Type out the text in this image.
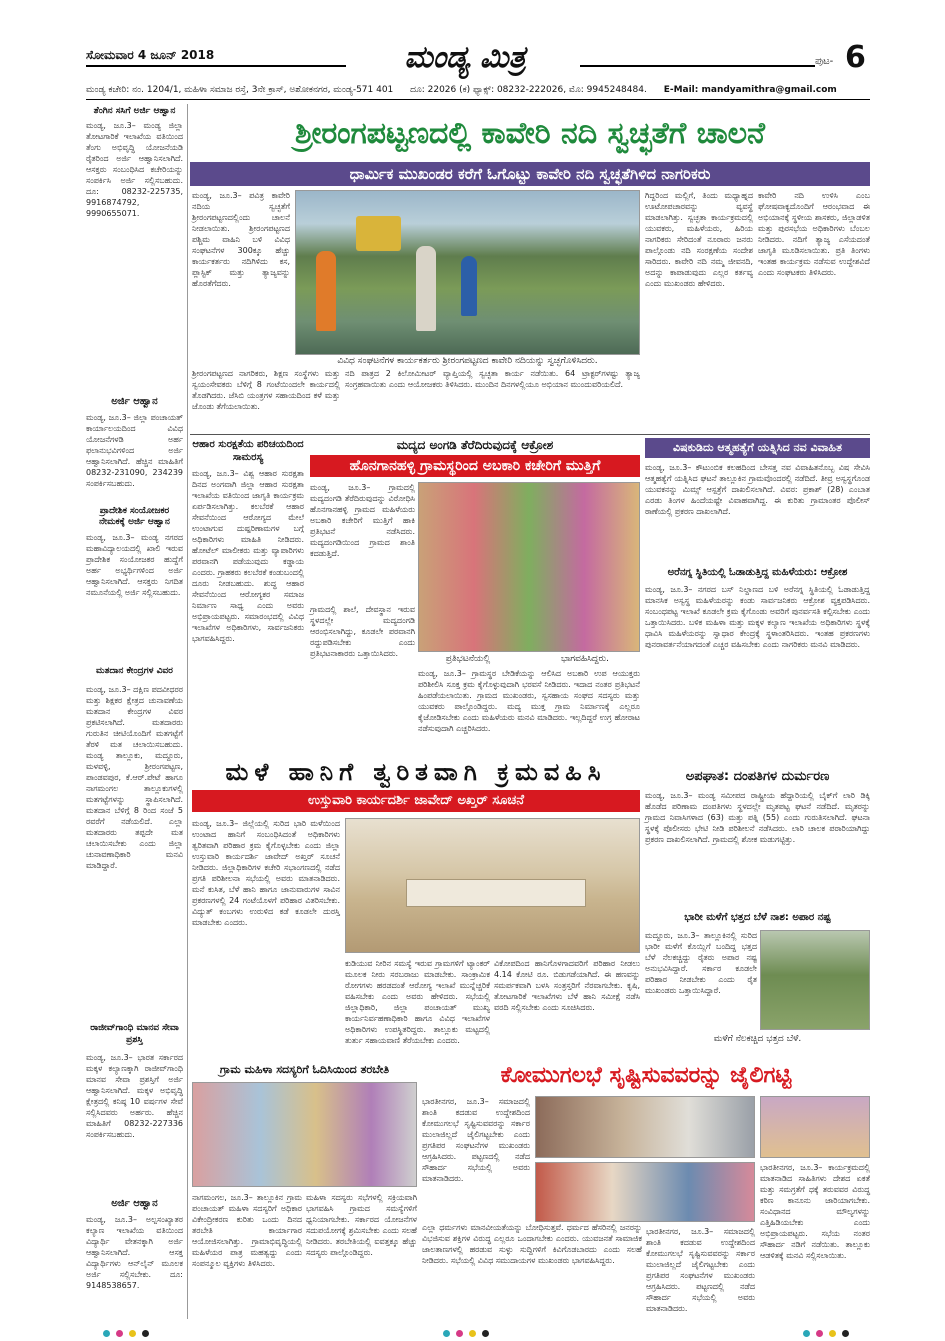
ಸೋಮವಾರ 4 ಜೂನ್ 2018	ಮಂಡ್ಯ ಮಿತ್ರ	ಪುಟ- 6
ಮಂಡ್ಯ ಕಚೇರಿ: ನಂ. 1204/1, ಮಹಿಳಾ ಸಮಾಜ ರಸ್ತೆ, 3ನೇ ಕ್ರಾಸ್, ಅಶೋಕನಗರ, ಮಂಡ್ಯ-571 401 ದೂ: 22026 (ಕ) ಫ್ಯಾಕ್ಸ್: 08232-222026, ಮೊ: 9945248484. E-Mail: mandyamithra@gmail.com
ತೆಂಗಿನ ಸಸಿಗೆ ಅರ್ಜಿ ಆಹ್ವಾನ
ಮಂಡ್ಯ, ಜೂ.3– ಮಂಡ್ಯ ಜಿಲ್ಲಾ ತೋಟಗಾರಿಕೆ ಇಲಾಖೆಯ ವತಿಯಿಂದ ತೆಂಗು ಅಭಿವೃದ್ಧಿ ಯೋಜನೆಯಡಿ ರೈತರಿಂದ ಅರ್ಜಿ ಆಹ್ವಾನಿಸಲಾಗಿದೆ. ಆಸಕ್ತರು ಸಂಬಂಧಿಸಿದ ಕಚೇರಿಯನ್ನು ಸಂಪರ್ಕಿಸಿ ಅರ್ಜಿ ಸಲ್ಲಿಸಬಹುದು. ದೂ: 08232-225735, 9916874792, 9990655071.
ಅರ್ಜಿ ಆಹ್ವಾನ
ಮಂಡ್ಯ, ಜೂ.3– ಜಿಲ್ಲಾ ಪಂಚಾಯತ್ ಕಾರ್ಯಾಲಯದಿಂದ ವಿವಿಧ ಯೋಜನೆಗಳಡಿ ಅರ್ಹ ಫಲಾನುಭವಿಗಳಿಂದ ಅರ್ಜಿ ಆಹ್ವಾನಿಸಲಾಗಿದೆ. ಹೆಚ್ಚಿನ ಮಾಹಿತಿಗೆ 08232-231090, 234239 ಸಂಪರ್ಕಿಸಬಹುದು.
ಪ್ರಾದೇಶಿಕ ಸಂಯೋಜಕರ ನೇಮಕಕ್ಕೆ ಅರ್ಜಿ ಆಹ್ವಾನ
ಮಂಡ್ಯ, ಜೂ.3– ಮಂಡ್ಯ ನಗರದ ಮಹಾವಿದ್ಯಾಲಯದಲ್ಲಿ ಖಾಲಿ ಇರುವ ಪ್ರಾದೇಶಿಕ ಸಂಯೋಜಕರ ಹುದ್ದೆಗೆ ಅರ್ಹ ಅಭ್ಯರ್ಥಿಗಳಿಂದ ಅರ್ಜಿ ಆಹ್ವಾನಿಸಲಾಗಿದೆ. ಆಸಕ್ತರು ನಿಗದಿತ ನಮೂನೆಯಲ್ಲಿ ಅರ್ಜಿ ಸಲ್ಲಿಸಬಹುದು.
ಮತದಾನ ಕೇಂದ್ರಗಳ ವಿವರ
ಮಂಡ್ಯ, ಜೂ.3– ದಕ್ಷಿಣ ಪದವೀಧರರ ಮತ್ತು ಶಿಕ್ಷಕರ ಕ್ಷೇತ್ರದ ಚುನಾವಣೆಯ ಮತದಾನ ಕೇಂದ್ರಗಳ ವಿವರ ಪ್ರಕಟಿಸಲಾಗಿದೆ. ಮತದಾರರು ಗುರುತಿನ ಚೀಟಿಯೊಂದಿಗೆ ಮತಗಟ್ಟೆಗೆ ತೆರಳಿ ಮತ ಚಲಾಯಿಸಬಹುದು. ಮಂಡ್ಯ ತಾಲ್ಲೂಕು, ಮದ್ದೂರು, ಮಳವಳ್ಳಿ, ಶ್ರೀರಂಗಪಟ್ಟಣ, ಪಾಂಡವಪುರ, ಕೆ.ಆರ್.ಪೇಟೆ ಹಾಗೂ ನಾಗಮಂಗಲ ತಾಲ್ಲೂಕುಗಳಲ್ಲಿ ಮತಗಟ್ಟೆಗಳನ್ನು ಸ್ಥಾಪಿಸಲಾಗಿದೆ. ಮತದಾನ ಬೆಳಿಗ್ಗೆ 8 ರಿಂದ ಸಂಜೆ 5 ರವರೆಗೆ ನಡೆಯಲಿದೆ. ಎಲ್ಲಾ ಮತದಾರರು ತಪ್ಪದೇ ಮತ ಚಲಾಯಿಸಬೇಕು ಎಂದು ಜಿಲ್ಲಾ ಚುನಾವಣಾಧಿಕಾರಿ ಮನವಿ ಮಾಡಿದ್ದಾರೆ.
ರಾಜೀವ್‌ಗಾಂಧಿ ಮಾನವ ಸೇವಾ ಪ್ರಶಸ್ತಿ
ಮಂಡ್ಯ, ಜೂ.3– ಭಾರತ ಸರ್ಕಾರದ ಮಕ್ಕಳ ಕಲ್ಯಾಣಕ್ಕಾಗಿ ರಾಜೀವ್‌ಗಾಂಧಿ ಮಾನವ ಸೇವಾ ಪ್ರಶಸ್ತಿಗೆ ಅರ್ಜಿ ಆಹ್ವಾನಿಸಲಾಗಿದೆ. ಮಕ್ಕಳ ಅಭಿವೃದ್ಧಿ ಕ್ಷೇತ್ರದಲ್ಲಿ ಕನಿಷ್ಠ 10 ವರ್ಷಗಳ ಸೇವೆ ಸಲ್ಲಿಸಿದವರು ಅರ್ಹರು. ಹೆಚ್ಚಿನ ಮಾಹಿತಿಗೆ 08232-227336 ಸಂಪರ್ಕಿಸಬಹುದು.
ಅರ್ಜಿ ಆಹ್ವಾನ
ಮಂಡ್ಯ, ಜೂ.3– ಅಲ್ಪಸಂಖ್ಯಾತರ ಕಲ್ಯಾಣ ಇಲಾಖೆಯ ವತಿಯಿಂದ ವಿದ್ಯಾರ್ಥಿ ವೇತನಕ್ಕಾಗಿ ಅರ್ಜಿ ಆಹ್ವಾನಿಸಲಾಗಿದೆ. ಆಸಕ್ತ ವಿದ್ಯಾರ್ಥಿಗಳು ಆನ್‌ಲೈನ್ ಮೂಲಕ ಅರ್ಜಿ ಸಲ್ಲಿಸಬೇಕು. ದೂ: 9148538657.
ಶ್ರೀರಂಗಪಟ್ಟಣದಲ್ಲಿ ಕಾವೇರಿ ನದಿ ಸ್ವಚ್ಛತೆಗೆ ಚಾಲನೆ
ಧಾರ್ಮಿಕ ಮುಖಂಡರ ಕರೆಗೆ ಓಗೊಟ್ಟು ಕಾವೇರಿ ನದಿ ಸ್ವಚ್ಛತೆಗಿಳಿದ ನಾಗರಿಕರು
ವಿವಿಧ ಸಂಘಟನೆಗಳ ಕಾರ್ಯಕರ್ತರು ಶ್ರೀರಂಗಪಟ್ಟಣದ ಕಾವೇರಿ ನದಿಯನ್ನು ಸ್ವಚ್ಛಗೊಳಿಸಿದರು.
ಮಂಡ್ಯ, ಜೂ.3– ಪವಿತ್ರ ಕಾವೇರಿ ನದಿಯ ಸ್ವಚ್ಛತೆಗೆ ಶ್ರೀರಂಗಪಟ್ಟಣದಲ್ಲಿಂದು ಚಾಲನೆ ನೀಡಲಾಯಿತು. ಶ್ರೀರಂಗಪಟ್ಟಣದ ಪಶ್ಚಿಮ ವಾಹಿನಿ ಬಳಿ ವಿವಿಧ ಸಂಘಟನೆಗಳ 300ಕ್ಕೂ ಹೆಚ್ಚು ಕಾರ್ಯಕರ್ತರು ನದಿಗಿಳಿದು ಕಸ, ಪ್ಲಾಸ್ಟಿಕ್ ಮತ್ತು ತ್ಯಾಜ್ಯವನ್ನು ಹೊರತೆಗೆದರು.
ಶ್ರೀರಂಗಪಟ್ಟಣದ ನಾಗರಿಕರು, ಶಿಕ್ಷಣ ಸಂಸ್ಥೆಗಳು ಮತ್ತು ಸ್ವಯಂಸೇವಕರು ಬೆಳಿಗ್ಗೆ 8 ಗಂಟೆಯಿಂದಲೇ ಕಾರ್ಯದಲ್ಲಿ ತೊಡಗಿದರು. ಜೆಸಿಬಿ ಯಂತ್ರಗಳ ಸಹಾಯದಿಂದ ಕಳೆ ಮತ್ತು ಜೊಂಡು ತೆಗೆಯಲಾಯಿತು.
ನದಿ ಪಾತ್ರದ 2 ಕಿಲೋಮೀಟರ್ ವ್ಯಾಪ್ತಿಯಲ್ಲಿ ಸ್ವಚ್ಛತಾ ಕಾರ್ಯ ನಡೆಯಿತು. 64 ಟ್ರಾಕ್ಟರ್‌ಗಳಷ್ಟು ತ್ಯಾಜ್ಯ ಸಂಗ್ರಹವಾಯಿತು ಎಂದು ಆಯೋಜಕರು ತಿಳಿಸಿದರು. ಮುಂದಿನ ದಿನಗಳಲ್ಲಿಯೂ ಅಭಿಯಾನ ಮುಂದುವರಿಯಲಿದೆ.
ಗಿದ್ದರಿಂದ ಮಲ್ಲಿಗೆ, ತಿಂದು ಮಧ್ಯಾಹ್ನದ ಊಟೋಪಚಾರವನ್ನು ವ್ಯವಸ್ಥೆ ಮಾಡಲಾಗಿತ್ತು. ಸ್ವಚ್ಛತಾ ಕಾರ್ಯಕ್ರಮದಲ್ಲಿ ಯುವಕರು, ಮಹಿಳೆಯರು, ಹಿರಿಯ ನಾಗರಿಕರು ಸೇರಿದಂತೆ ನೂರಾರು ಜನರು ಪಾಲ್ಗೊಂಡು ನದಿ ಸಂರಕ್ಷಣೆಯ ಸಂದೇಶ ಸಾರಿದರು. ಕಾವೇರಿ ನದಿ ನಮ್ಮ ಜೀವನದಿ, ಅದನ್ನು ಕಾಪಾಡುವುದು ಎಲ್ಲರ ಕರ್ತವ್ಯ ಎಂದು ಮುಖಂಡರು ಹೇಳಿದರು.
ಕಾವೇರಿ ನದಿ ಉಳಿಸಿ ಎಂಬ ಘೋಷವಾಕ್ಯದೊಂದಿಗೆ ಆರಂಭವಾದ ಈ ಅಭಿಯಾನಕ್ಕೆ ಸ್ಥಳೀಯ ಶಾಸಕರು, ಜಿಲ್ಲಾಡಳಿತ ಮತ್ತು ಪುರಸಭೆಯ ಅಧಿಕಾರಿಗಳು ಬೆಂಬಲ ನೀಡಿದರು. ನದಿಗೆ ತ್ಯಾಜ್ಯ ಎಸೆಯದಂತೆ ಜಾಗೃತಿ ಮೂಡಿಸಲಾಯಿತು. ಪ್ರತಿ ತಿಂಗಳು ಇಂತಹ ಕಾರ್ಯಕ್ರಮ ನಡೆಸುವ ಉದ್ದೇಶವಿದೆ ಎಂದು ಸಂಘಟಕರು ತಿಳಿಸಿದರು.
ಆಹಾರ ಸುರಕ್ಷತೆಯ ಪರಿಚಯದಿಂದ ಸಾಮರಸ್ಯ
ಮಂಡ್ಯ, ಜೂ.3– ವಿಶ್ವ ಆಹಾರ ಸುರಕ್ಷತಾ ದಿನದ ಅಂಗವಾಗಿ ಜಿಲ್ಲಾ ಆಹಾರ ಸುರಕ್ಷತಾ ಇಲಾಖೆಯ ವತಿಯಿಂದ ಜಾಗೃತಿ ಕಾರ್ಯಕ್ರಮ ಏರ್ಪಡಿಸಲಾಗಿತ್ತು. ಕಲಬೆರಕೆ ಆಹಾರ ಸೇವನೆಯಿಂದ ಆರೋಗ್ಯದ ಮೇಲೆ ಉಂಟಾಗುವ ದುಷ್ಪರಿಣಾಮಗಳ ಬಗ್ಗೆ ಅಧಿಕಾರಿಗಳು ಮಾಹಿತಿ ನೀಡಿದರು. ಹೋಟೆಲ್ ಮಾಲೀಕರು ಮತ್ತು ವ್ಯಾಪಾರಿಗಳು ಪರವಾನಗಿ ಪಡೆಯುವುದು ಕಡ್ಡಾಯ ಎಂದರು. ಗ್ರಾಹಕರು ಕಲಬೆರಕೆ ಕಂಡುಬಂದಲ್ಲಿ ದೂರು ನೀಡಬಹುದು. ಶುದ್ಧ ಆಹಾರ ಸೇವನೆಯಿಂದ ಆರೋಗ್ಯಕರ ಸಮಾಜ ನಿರ್ಮಾಣ ಸಾಧ್ಯ ಎಂದು ಅವರು ಅಭಿಪ್ರಾಯಪಟ್ಟರು. ಸಮಾರಂಭದಲ್ಲಿ ವಿವಿಧ ಇಲಾಖೆಗಳ ಅಧಿಕಾರಿಗಳು, ಸಾರ್ವಜನಿಕರು ಭಾಗವಹಿಸಿದ್ದರು.
ಮದ್ಯದ ಅಂಗಡಿ ತೆರೆದಿರುವುದಕ್ಕೆ ಆಕ್ರೋಶ
ಹೊನಗಾನಹಳ್ಳಿ ಗ್ರಾಮಸ್ಥರಿಂದ ಅಬಕಾರಿ ಕಚೇರಿಗೆ ಮುತ್ತಿಗೆ
ಮಂಡ್ಯ, ಜೂ.3– ಗ್ರಾಮದಲ್ಲಿ ಮದ್ಯದಂಗಡಿ ತೆರೆದಿರುವುದನ್ನು ವಿರೋಧಿಸಿ ಹೊನಗಾನಹಳ್ಳಿ ಗ್ರಾಮದ ಮಹಿಳೆಯರು ಅಬಕಾರಿ ಕಚೇರಿಗೆ ಮುತ್ತಿಗೆ ಹಾಕಿ ಪ್ರತಿಭಟನೆ ನಡೆಸಿದರು. ಮದ್ಯದಂಗಡಿಯಿಂದ ಗ್ರಾಮದ ಶಾಂತಿ ಕದಡುತ್ತಿದೆ.
ಪ್ರತಿಭಟನೆಯಲ್ಲಿ	ಭಾಗವಹಿಸಿದ್ದರು.
ಗ್ರಾಮದಲ್ಲಿ ಶಾಲೆ, ದೇವಸ್ಥಾನ ಇರುವ ಸ್ಥಳದಲ್ಲೇ ಮದ್ಯದಂಗಡಿ ಆರಂಭಿಸಲಾಗಿದ್ದು, ಕೂಡಲೇ ಪರವಾನಗಿ ರದ್ದುಪಡಿಸಬೇಕು ಎಂದು ಪ್ರತಿಭಟನಾಕಾರರು ಒತ್ತಾಯಿಸಿದರು.
ಮಂಡ್ಯ, ಜೂ.3– ಗ್ರಾಮಸ್ಥರ ಬೇಡಿಕೆಯನ್ನು ಆಲಿಸಿದ ಅಬಕಾರಿ ಉಪ ಆಯುಕ್ತರು ಪರಿಶೀಲಿಸಿ ಸೂಕ್ತ ಕ್ರಮ ಕೈಗೊಳ್ಳುವುದಾಗಿ ಭರವಸೆ ನೀಡಿದರು. ಇದಾದ ನಂತರ ಪ್ರತಿಭಟನೆ ಹಿಂಪಡೆಯಲಾಯಿತು. ಗ್ರಾಮದ ಮುಖಂಡರು, ಸ್ವಸಹಾಯ ಸಂಘದ ಸದಸ್ಯರು ಮತ್ತು ಯುವಕರು ಪಾಲ್ಗೊಂಡಿದ್ದರು. ಮದ್ಯ ಮುಕ್ತ ಗ್ರಾಮ ನಿರ್ಮಾಣಕ್ಕೆ ಎಲ್ಲರೂ ಕೈಜೋಡಿಸಬೇಕು ಎಂದು ಮಹಿಳೆಯರು ಮನವಿ ಮಾಡಿದರು. ಇಲ್ಲದಿದ್ದರೆ ಉಗ್ರ ಹೋರಾಟ ನಡೆಸುವುದಾಗಿ ಎಚ್ಚರಿಸಿದರು.
ವಿಷಕುಡಿದು ಆತ್ಮಹತ್ಯೆಗೆ ಯತ್ನಿಸಿದ ನವ ವಿವಾಹಿತ
ಮಂಡ್ಯ, ಜೂ.3– ಕೌಟುಂಬಿಕ ಕಲಹದಿಂದ ಬೇಸತ್ತ ನವ ವಿವಾಹಿತನೊಬ್ಬ ವಿಷ ಸೇವಿಸಿ ಆತ್ಮಹತ್ಯೆಗೆ ಯತ್ನಿಸಿದ ಘಟನೆ ತಾಲ್ಲೂಕಿನ ಗ್ರಾಮವೊಂದರಲ್ಲಿ ನಡೆದಿದೆ. ತೀವ್ರ ಅಸ್ವಸ್ಥಗೊಂಡ ಯುವಕನನ್ನು ಮಿಮ್ಸ್ ಆಸ್ಪತ್ರೆಗೆ ದಾಖಲಿಸಲಾಗಿದೆ. ವಿವರ: ಪ್ರಕಾಶ್ (28) ಎಂಬಾತ ಎರಡು ತಿಂಗಳ ಹಿಂದೆಯಷ್ಟೇ ವಿವಾಹವಾಗಿದ್ದ. ಈ ಕುರಿತು ಗ್ರಾಮಾಂತರ ಪೊಲೀಸ್ ಠಾಣೆಯಲ್ಲಿ ಪ್ರಕರಣ ದಾಖಲಾಗಿದೆ.
ಅರೆನಗ್ನ ಸ್ಥಿತಿಯಲ್ಲಿ ಓಡಾಡುತ್ತಿದ್ದ ಮಹಿಳೆಯರು: ಆಕ್ರೋಶ
ಮಂಡ್ಯ, ಜೂ.3– ನಗರದ ಬಸ್ ನಿಲ್ದಾಣದ ಬಳಿ ಅರೆನಗ್ನ ಸ್ಥಿತಿಯಲ್ಲಿ ಓಡಾಡುತ್ತಿದ್ದ ಮಾನಸಿಕ ಅಸ್ವಸ್ಥ ಮಹಿಳೆಯರನ್ನು ಕಂಡು ಸಾರ್ವಜನಿಕರು ಆಕ್ರೋಶ ವ್ಯಕ್ತಪಡಿಸಿದರು. ಸಂಬಂಧಪಟ್ಟ ಇಲಾಖೆ ಕೂಡಲೇ ಕ್ರಮ ಕೈಗೊಂಡು ಅವರಿಗೆ ಪುನರ್ವಸತಿ ಕಲ್ಪಿಸಬೇಕು ಎಂದು ಒತ್ತಾಯಿಸಿದರು. ಬಳಿಕ ಮಹಿಳಾ ಮತ್ತು ಮಕ್ಕಳ ಕಲ್ಯಾಣ ಇಲಾಖೆಯ ಅಧಿಕಾರಿಗಳು ಸ್ಥಳಕ್ಕೆ ಧಾವಿಸಿ ಮಹಿಳೆಯರನ್ನು ಸ್ವಾಧಾರ ಕೇಂದ್ರಕ್ಕೆ ಸ್ಥಳಾಂತರಿಸಿದರು. ಇಂತಹ ಪ್ರಕರಣಗಳು ಪುನರಾವರ್ತನೆಯಾಗದಂತೆ ಎಚ್ಚರ ವಹಿಸಬೇಕು ಎಂದು ನಾಗರಿಕರು ಮನವಿ ಮಾಡಿದರು.
ಮಳೆ ಹಾನಿಗೆ ತ್ವರಿತವಾಗಿ ಕ್ರಮವಹಿಸಿ
ಉಸ್ತುವಾರಿ ಕಾರ್ಯದರ್ಶಿ ಜಾವೇದ್ ಅಖ್ತರ್ ಸೂಚನೆ
ಮಂಡ್ಯ, ಜೂ.3– ಜಿಲ್ಲೆಯಲ್ಲಿ ಸುರಿದ ಭಾರಿ ಮಳೆಯಿಂದ ಉಂಟಾದ ಹಾನಿಗೆ ಸಂಬಂಧಿಸಿದಂತೆ ಅಧಿಕಾರಿಗಳು ತ್ವರಿತವಾಗಿ ಪರಿಹಾರ ಕ್ರಮ ಕೈಗೊಳ್ಳಬೇಕು ಎಂದು ಜಿಲ್ಲಾ ಉಸ್ತುವಾರಿ ಕಾರ್ಯದರ್ಶಿ ಜಾವೇದ್ ಅಖ್ತರ್ ಸೂಚನೆ ನೀಡಿದರು. ಜಿಲ್ಲಾಧಿಕಾರಿಗಳ ಕಚೇರಿ ಸಭಾಂಗಣದಲ್ಲಿ ನಡೆದ ಪ್ರಗತಿ ಪರಿಶೀಲನಾ ಸಭೆಯಲ್ಲಿ ಅವರು ಮಾತನಾಡಿದರು. ಮನೆ ಕುಸಿತ, ಬೆಳೆ ಹಾನಿ ಹಾಗೂ ಜಾನುವಾರುಗಳ ಸಾವಿನ ಪ್ರಕರಣಗಳಲ್ಲಿ 24 ಗಂಟೆಯೊಳಗೆ ಪರಿಹಾರ ವಿತರಿಸಬೇಕು. ವಿದ್ಯುತ್ ಕಂಬಗಳು ಉರುಳಿದ ಕಡೆ ಕೂಡಲೇ ದುರಸ್ತಿ ಮಾಡಬೇಕು ಎಂದರು.
ಕುಡಿಯುವ ನೀರಿನ ಸಮಸ್ಯೆ ಇರುವ ಗ್ರಾಮಗಳಿಗೆ ಟ್ಯಾಂಕರ್ ಮೂಲಕ ನೀರು ಸರಬರಾಜು ಮಾಡಬೇಕು. ಸಾಂಕ್ರಾಮಿಕ ರೋಗಗಳು ಹರಡದಂತೆ ಆರೋಗ್ಯ ಇಲಾಖೆ ಮುನ್ನೆಚ್ಚರಿಕೆ ವಹಿಸಬೇಕು ಎಂದು ಅವರು ಹೇಳಿದರು. ಸಭೆಯಲ್ಲಿ ಜಿಲ್ಲಾಧಿಕಾರಿ, ಜಿಲ್ಲಾ ಪಂಚಾಯತ್ ಮುಖ್ಯ ಕಾರ್ಯನಿರ್ವಹಣಾಧಿಕಾರಿ ಹಾಗೂ ವಿವಿಧ ಇಲಾಖೆಗಳ ಅಧಿಕಾರಿಗಳು ಉಪಸ್ಥಿತರಿದ್ದರು. ತಾಲ್ಲೂಕು ಮಟ್ಟದಲ್ಲಿ ತುರ್ತು ಸಹಾಯವಾಣಿ ತೆರೆಯಬೇಕು ಎಂದರು.
ವಿಕೋಪದಿಂದ ಹಾನಿಗೊಳಗಾದವರಿಗೆ ಪರಿಹಾರ ನೀಡಲು 4.14 ಕೋಟಿ ರೂ. ಬಿಡುಗಡೆಯಾಗಿದೆ. ಈ ಹಣವನ್ನು ಸಮರ್ಪಕವಾಗಿ ಬಳಸಿ ಸಂತ್ರಸ್ತರಿಗೆ ನೆರವಾಗಬೇಕು. ಕೃಷಿ, ತೋಟಗಾರಿಕೆ ಇಲಾಖೆಗಳು ಬೆಳೆ ಹಾನಿ ಸಮೀಕ್ಷೆ ನಡೆಸಿ ವರದಿ ಸಲ್ಲಿಸಬೇಕು ಎಂದು ಸೂಚಿಸಿದರು.
ಅಪಘಾತ: ದಂಪತಿಗಳ ದುರ್ಮರಣ
ಮಂಡ್ಯ, ಜೂ.3– ಮಂಡ್ಯ ಸಮೀಪದ ರಾಷ್ಟ್ರೀಯ ಹೆದ್ದಾರಿಯಲ್ಲಿ ಬೈಕ್‌ಗೆ ಲಾರಿ ಡಿಕ್ಕಿ ಹೊಡೆದ ಪರಿಣಾಮ ದಂಪತಿಗಳು ಸ್ಥಳದಲ್ಲೇ ಮೃತಪಟ್ಟ ಘಟನೆ ನಡೆದಿದೆ. ಮೃತರನ್ನು ಗ್ರಾಮದ ನಿವಾಸಿಗಳಾದ (63) ಮತ್ತು ಪತ್ನಿ (55) ಎಂದು ಗುರುತಿಸಲಾಗಿದೆ. ಘಟನಾ ಸ್ಥಳಕ್ಕೆ ಪೊಲೀಸರು ಭೇಟಿ ನೀಡಿ ಪರಿಶೀಲನೆ ನಡೆಸಿದರು. ಲಾರಿ ಚಾಲಕ ಪರಾರಿಯಾಗಿದ್ದು ಪ್ರಕರಣ ದಾಖಲಿಸಲಾಗಿದೆ. ಗ್ರಾಮದಲ್ಲಿ ಶೋಕ ಮಡುಗಟ್ಟಿತ್ತು.
ಭಾರೀ ಮಳೆಗೆ ಭತ್ತದ ಬೆಳೆ ನಾಶ: ಅಪಾರ ನಷ್ಟ
ಮದ್ದೂರು, ಜೂ.3– ತಾಲ್ಲೂಕಿನಲ್ಲಿ ಸುರಿದ ಭಾರೀ ಮಳೆಗೆ ಕೊಯ್ಲಿಗೆ ಬಂದಿದ್ದ ಭತ್ತದ ಬೆಳೆ ನೆಲಕಚ್ಚಿದ್ದು ರೈತರು ಅಪಾರ ನಷ್ಟ ಅನುಭವಿಸಿದ್ದಾರೆ. ಸರ್ಕಾರ ಕೂಡಲೇ ಪರಿಹಾರ ನೀಡಬೇಕು ಎಂದು ರೈತ ಮುಖಂಡರು ಒತ್ತಾಯಿಸಿದ್ದಾರೆ.
ಮಳೆಗೆ ನೆಲಕಚ್ಚಿದ ಭತ್ತದ ಬೆಳೆ.
ಗ್ರಾಮ ಮಹಿಳಾ ಸದಸ್ಯರಿಗೆ ಓದಿಸಿಯಿಂದ ತರಬೇತಿ
ನಾಗಮಂಗಲ, ಜೂ.3– ತಾಲ್ಲೂಕಿನ ಗ್ರಾಮ ಪಂಚಾಯತ್ ಮಹಿಳಾ ಸದಸ್ಯರಿಗೆ ಅಧಿಕಾರ ವಿಕೇಂದ್ರೀಕರಣ ಕುರಿತು ಒಂದು ದಿನದ ತರಬೇತಿ ಕಾರ್ಯಾಗಾರ ಆಯೋಜಿಸಲಾಗಿತ್ತು. ಗ್ರಾಮಾಭಿವೃದ್ಧಿಯಲ್ಲಿ ಮಹಿಳೆಯರ ಪಾತ್ರ ಮಹತ್ವದ್ದು ಎಂದು ಸಂಪನ್ಮೂಲ ವ್ಯಕ್ತಿಗಳು ತಿಳಿಸಿದರು.
ಮಹಿಳಾ ಸದಸ್ಯರು ಸಭೆಗಳಲ್ಲಿ ಸಕ್ರಿಯವಾಗಿ ಭಾಗವಹಿಸಿ ಗ್ರಾಮದ ಸಮಸ್ಯೆಗಳಿಗೆ ಧ್ವನಿಯಾಗಬೇಕು. ಸರ್ಕಾರದ ಯೋಜನೆಗಳ ಸದುಪಯೋಗಕ್ಕೆ ಶ್ರಮಿಸಬೇಕು ಎಂದು ಸಲಹೆ ನೀಡಿದರು. ತರಬೇತಿಯಲ್ಲಿ ಐವತ್ತಕ್ಕೂ ಹೆಚ್ಚು ಸದಸ್ಯರು ಪಾಲ್ಗೊಂಡಿದ್ದರು.
ಕೋಮುಗಲಭೆ ಸೃಷ್ಟಿಸುವವರನ್ನು ಜೈಲಿಗಟ್ಟಿ
ಭಾರತೀನಗರ, ಜೂ.3– ಸಮಾಜದಲ್ಲಿ ಶಾಂತಿ ಕದಡುವ ಉದ್ದೇಶದಿಂದ ಕೋಮುಗಲಭೆ ಸೃಷ್ಟಿಸುವವರನ್ನು ಸರ್ಕಾರ ಮುಲಾಜಿಲ್ಲದೆ ಜೈಲಿಗಟ್ಟಬೇಕು ಎಂದು ಪ್ರಗತಿಪರ ಸಂಘಟನೆಗಳ ಮುಖಂಡರು ಆಗ್ರಹಿಸಿದರು. ಪಟ್ಟಣದಲ್ಲಿ ನಡೆದ ಸೌಹಾರ್ದ ಸಭೆಯಲ್ಲಿ ಅವರು ಮಾತನಾಡಿದರು.
ಎಲ್ಲಾ ಧರ್ಮಗಳು ಮಾನವೀಯತೆಯನ್ನು ಬೋಧಿಸುತ್ತವೆ. ಧರ್ಮದ ಹೆಸರಿನಲ್ಲಿ ಜನರನ್ನು ವಿಭಜಿಸುವ ಶಕ್ತಿಗಳ ವಿರುದ್ಧ ಎಲ್ಲರೂ ಒಂದಾಗಬೇಕು ಎಂದರು. ಯುವಜನತೆ ಸಾಮಾಜಿಕ ಜಾಲತಾಣಗಳಲ್ಲಿ ಹರಡುವ ಸುಳ್ಳು ಸುದ್ದಿಗಳಿಗೆ ಕಿವಿಗೊಡಬಾರದು ಎಂದು ಸಲಹೆ ನೀಡಿದರು. ಸಭೆಯಲ್ಲಿ ವಿವಿಧ ಸಮುದಾಯಗಳ ಮುಖಂಡರು ಭಾಗವಹಿಸಿದ್ದರು.
ಭಾರತೀನಗರ, ಜೂ.3– ಕಾರ್ಯಕ್ರಮದಲ್ಲಿ ಮಾತನಾಡಿದ ಸಾಹಿತಿಗಳು ದೇಶದ ಏಕತೆ ಮತ್ತು ಸಮಗ್ರತೆಗೆ ಧಕ್ಕೆ ತರುವವರ ವಿರುದ್ಧ ಕಠಿಣ ಕಾನೂನು ಜಾರಿಯಾಗಬೇಕು. ಸಂವಿಧಾನದ ಮೌಲ್ಯಗಳನ್ನು ಎತ್ತಿಹಿಡಿಯಬೇಕು ಎಂದು ಅಭಿಪ್ರಾಯಪಟ್ಟರು. ಸಭೆಯ ನಂತರ ಸೌಹಾರ್ದ ನಡಿಗೆ ನಡೆಯಿತು. ತಾಲ್ಲೂಕು ಆಡಳಿತಕ್ಕೆ ಮನವಿ ಸಲ್ಲಿಸಲಾಯಿತು.
ಭಾರತೀನಗರ, ಜೂ.3– ಸಮಾಜದಲ್ಲಿ ಶಾಂತಿ ಕದಡುವ ಉದ್ದೇಶದಿಂದ ಕೋಮುಗಲಭೆ ಸೃಷ್ಟಿಸುವವರನ್ನು ಸರ್ಕಾರ ಮುಲಾಜಿಲ್ಲದೆ ಜೈಲಿಗಟ್ಟಬೇಕು ಎಂದು ಪ್ರಗತಿಪರ ಸಂಘಟನೆಗಳ ಮುಖಂಡರು ಆಗ್ರಹಿಸಿದರು. ಪಟ್ಟಣದಲ್ಲಿ ನಡೆದ ಸೌಹಾರ್ದ ಸಭೆಯಲ್ಲಿ ಅವರು ಮಾತನಾಡಿದರು.
